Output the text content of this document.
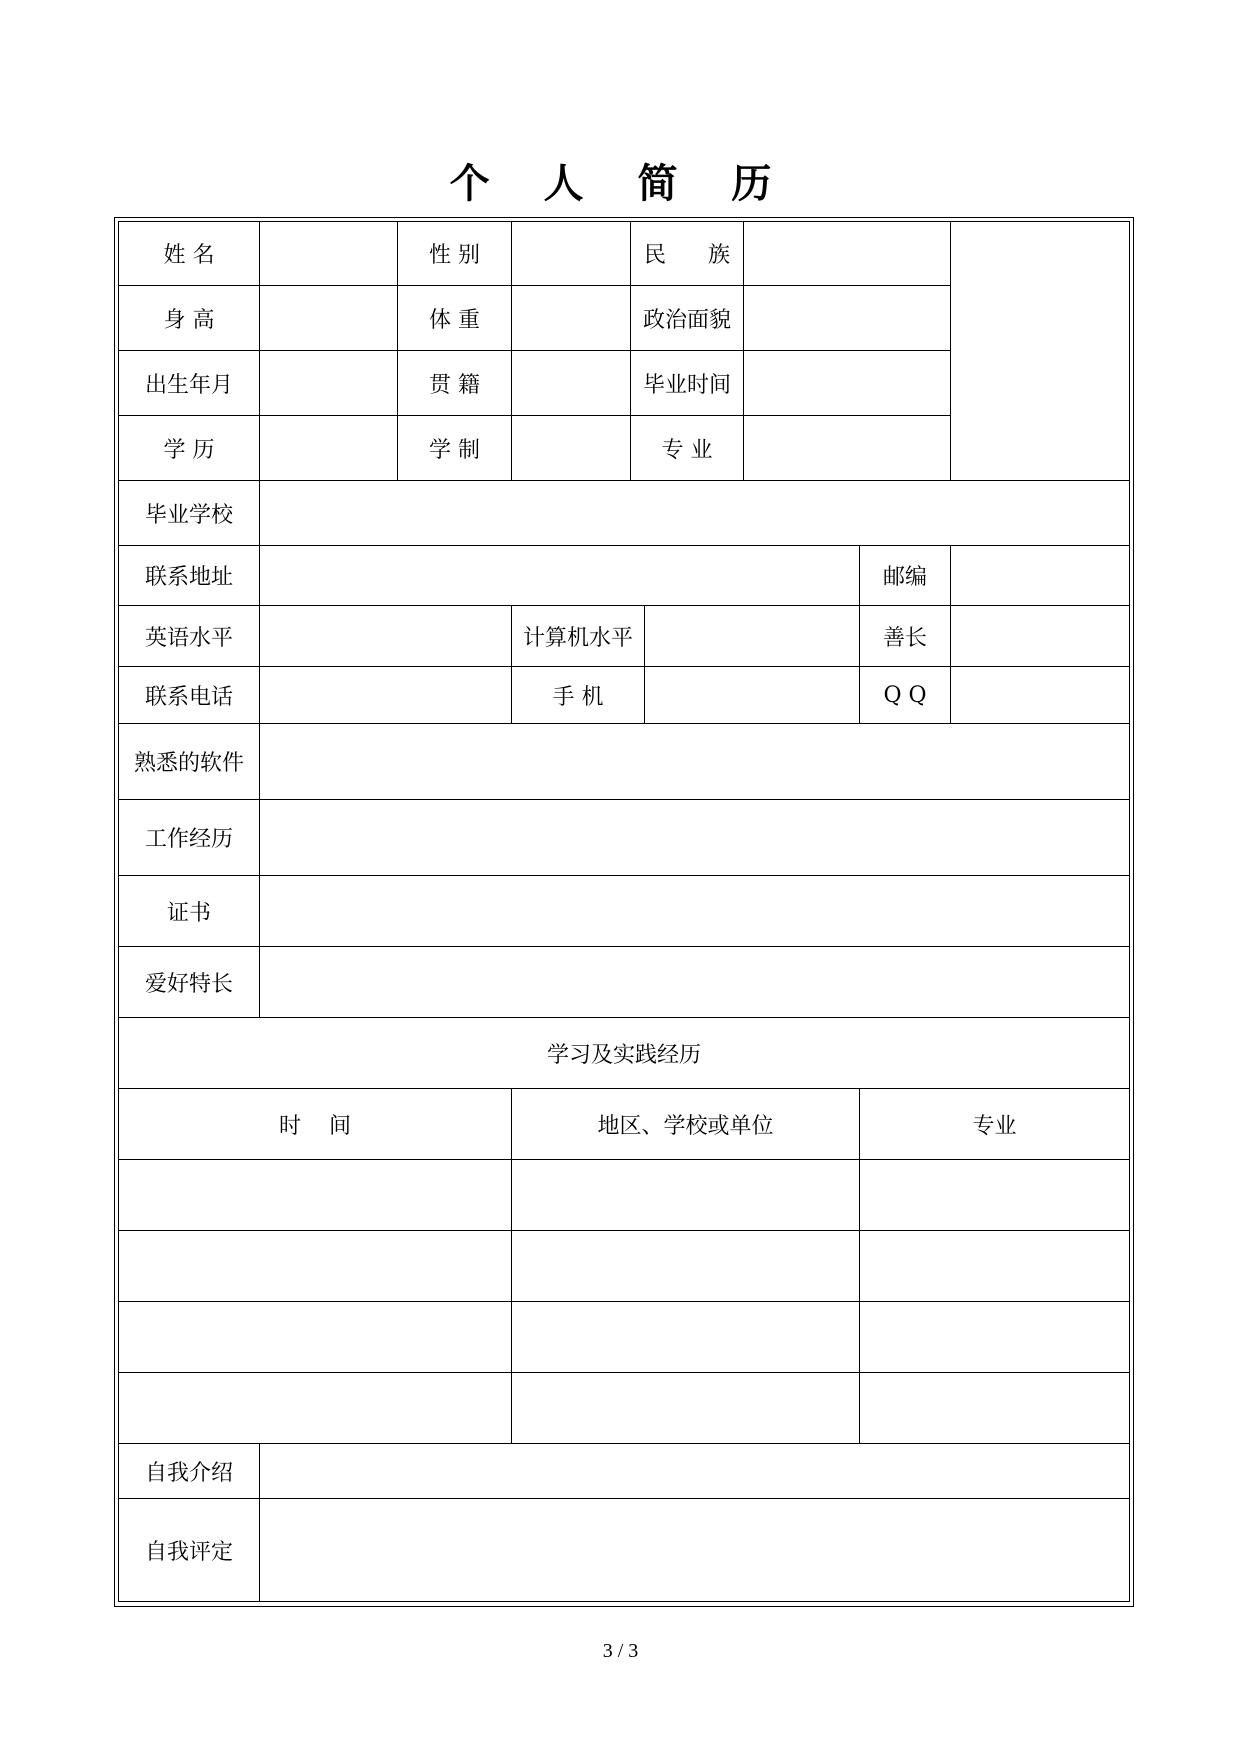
个 人 简 历
姓 名	性 别	民      族
身 高	体 重	政治面貌
出生年月	贯 籍	毕业时间
学 历	学 制	专 业
毕业学校
联系地址	邮编
英语水平	计算机水平	善长
联系电话	手 机	Q Q
熟悉的软件
工作经历
证书
爱好特长
学习及实践经历
时    间	地区、学校或单位	专业
自我介绍
自我评定
3 / 3
